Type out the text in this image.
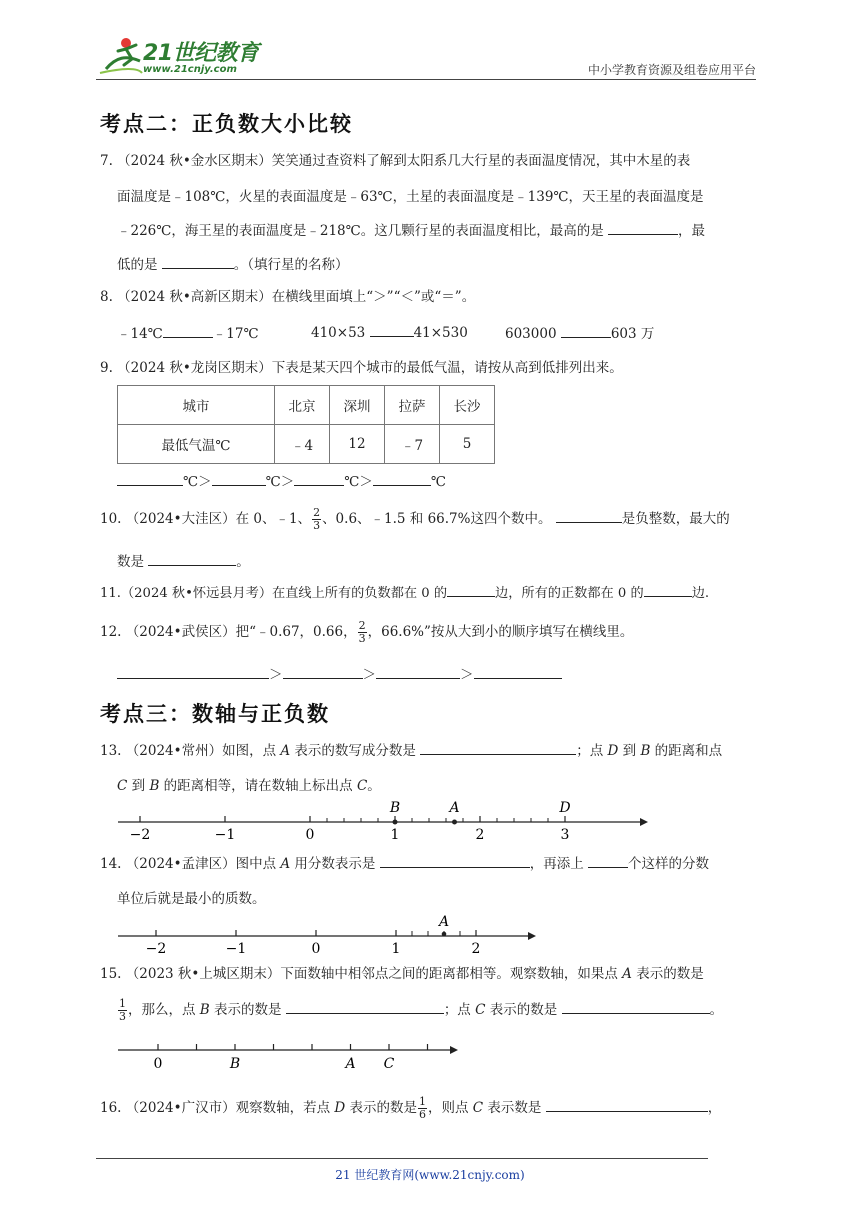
21世纪教育
www.21cnjy.com	中小学教育资源及组卷应用平台
考点二：正负数大小比较
7. （2024 秋•金水区期末）笑笑通过查资料了解到太阳系几大行星的表面温度情况，其中木星的表
面温度是﹣108℃，火星的表面温度是﹣63℃，土星的表面温度是﹣139℃，天王星的表面温度是
﹣226℃，海王星的表面温度是﹣218℃。这几颗行星的表面温度相比，最高的是	，最
低的是	。（填行星的名称）
8. （2024 秋•高新区期末）在横线里面填上“＞”“＜”或“＝”。
﹣14℃	﹣17℃	410×53	41×530	603000	603 万
9. （2024 秋•龙岗区期末）下表是某天四个城市的最低气温，请按从高到低排列出来。
城市	北京	深圳	拉萨	长沙
最低气温℃	﹣4	12	﹣7	5
℃＞	℃＞	℃＞	℃
10. （2024•大洼区）在 0、﹣1、 $\frac{2}{3}$ 、0.6、﹣1.5 和 66.7%这四个数中。	是负整数，最大的
数是	。
11.（2024 秋•怀远县月考）在直线上所有的负数都在 0 的	边，所有的正数都在 0 的	边.
12. （2024•武侯区）把“﹣0.67，0.66， $\frac{2}{3}$ ，66.6%”按从大到小的顺序填写在横线里。
＞	＞	＞
考点三：数轴与正负数
13. （2024•常州）如图，点 A 表示的数写成分数是	；点 D 到 B 的距离和点
C 到 B 的距离相等，请在数轴上标出点 C。
−2	−1	0	1	2	3
B	A	D
14. （2024•孟津区）图中点 A 用分数表示是	，再添上	个这样的分数
单位后就是最小的质数。
−2	−1	0	1	2
A
15. （2023 秋•上城区期末）下面数轴中相邻点之间的距离都相等。观察数轴，如果点 A 表示的数是
$\frac{1}{3}$ ，那么，点 B 表示的数是	；点 C 表示的数是	。
0	B	A C
16. （2024•广汉市）观察数轴，若点 D 表示的数是 $\frac{1}{6}$ ，则点 C 表示数是	，
21 世纪教育网(www.21cnjy.com)
